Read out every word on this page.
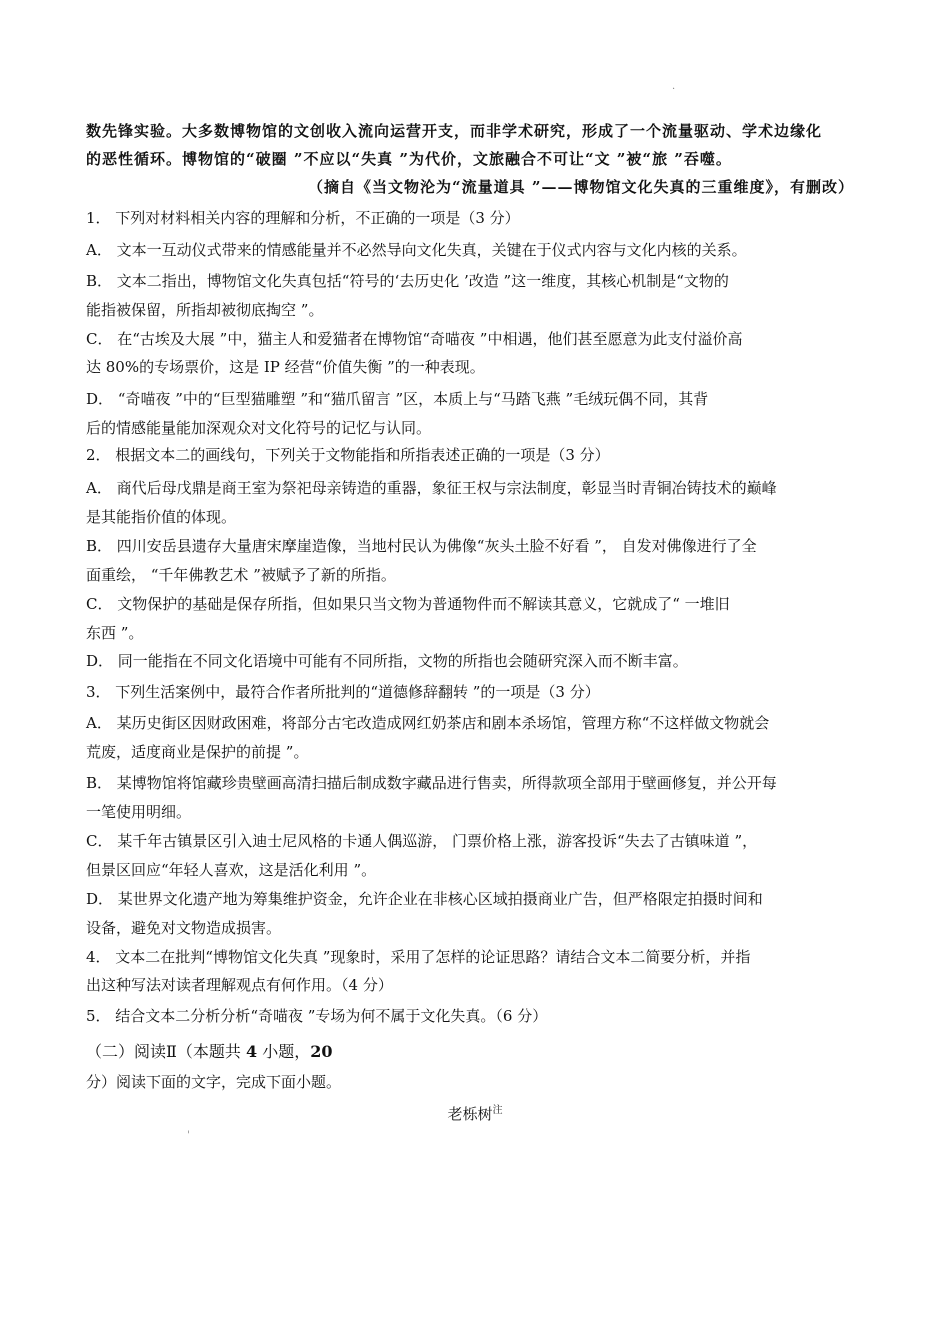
·
数先锋实验。大多数博物馆的文创收入流向运营开支，而非学术研究，形成了一个流量驱动、学术边缘化
的恶性循环。博物馆的“破圈 ”不应以“失真 ”为代价，文旅融合不可让“文 ”被“旅 ”吞噬。
（摘自《当文物沦为“流量道具 ”——博物馆文化失真的三重维度》，有删改）
1． 下列对材料相关内容的理解和分析，不正确的一项是（3 分）
A． 文本一互动仪式带来的情感能量并不必然导向文化失真，关键在于仪式内容与文化内核的关系。
B． 文本二指出，博物馆文化失真包括“符号的‘去历史化 ’改造 ”这一维度，其核心机制是“文物的
能指被保留，所指却被彻底掏空 ”。
C． 在“古埃及大展 ”中，猫主人和爱猫者在博物馆“奇喵夜 ”中相遇，他们甚至愿意为此支付溢价高
达 80%的专场票价，这是 IP 经营“价值失衡 ”的一种表现。
D． “奇喵夜 ”中的“巨型猫雕塑 ”和“猫爪留言 ”区，本质上与“马踏飞燕 ”毛绒玩偶不同，其背
后的情感能量能加深观众对文化符号的记忆与认同。
2． 根据文本二的画线句，下列关于文物能指和所指表述正确的一项是（3 分）
A． 商代后母戊鼎是商王室为祭祀母亲铸造的重器，象征王权与宗法制度，彰显当时青铜冶铸技术的巅峰
是其能指价值的体现。
B． 四川安岳县遗存大量唐宋摩崖造像，当地村民认为佛像“灰头土脸不好看 ”， 自发对佛像进行了全
面重绘， “千年佛教艺术 ”被赋予了新的所指。
C． 文物保护的基础是保存所指，但如果只当文物为普通物件而不解读其意义，它就成了“ 一堆旧
东西 ”。
D． 同一能指在不同文化语境中可能有不同所指，文物的所指也会随研究深入而不断丰富。
3． 下列生活案例中，最符合作者所批判的“道德修辞翻转 ”的一项是（3 分）
A． 某历史街区因财政困难，将部分古宅改造成网红奶茶店和剧本杀场馆，管理方称“不这样做文物就会
荒废，适度商业是保护的前提 ”。
B． 某博物馆将馆藏珍贵壁画高清扫描后制成数字藏品进行售卖，所得款项全部用于壁画修复，并公开每
一笔使用明细。
C． 某千年古镇景区引入迪士尼风格的卡通人偶巡游， 门票价格上涨，游客投诉“失去了古镇味道 ”，
但景区回应“年轻人喜欢，这是活化利用 ”。
D． 某世界文化遗产地为筹集维护资金，允许企业在非核心区域拍摄商业广告，但严格限定拍摄时间和
设备，避免对文物造成损害。
4． 文本二在批判“博物馆文化失真 ”现象时，采用了怎样的论证思路？请结合文本二简要分析，并指
出这种写法对读者理解观点有何作用。（4 分）
5． 结合文本二分析分析“奇喵夜 ”专场为何不属于文化失真。（6 分）
（二）阅读Ⅱ（本题共 4 小题，20
分）阅读下面的文字，完成下面小题。
老栎树$^注$
'
